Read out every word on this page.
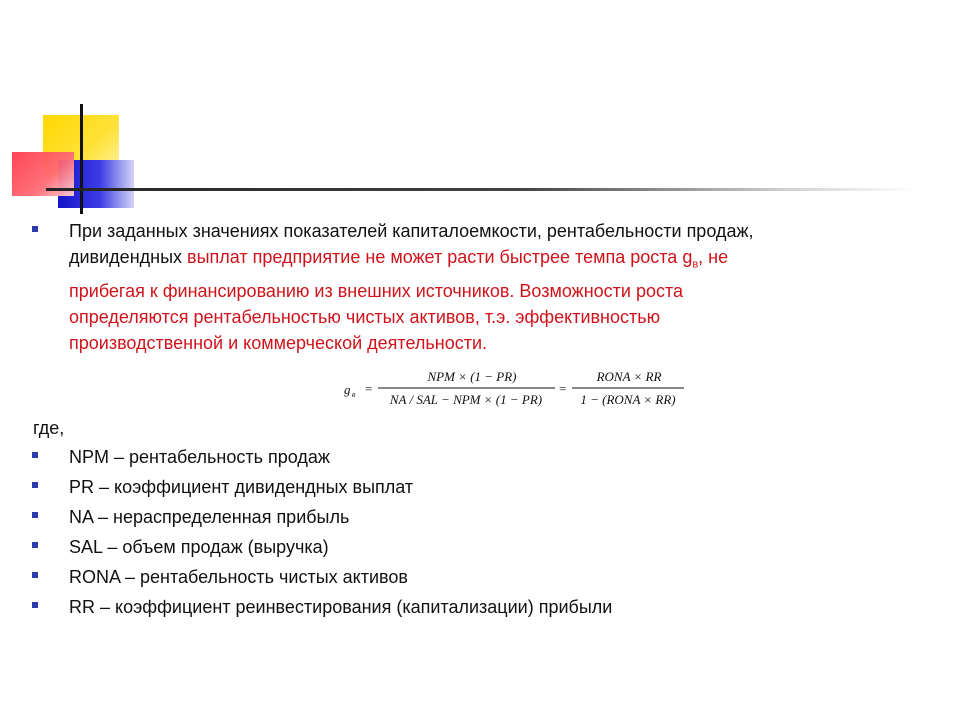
При заданных значениях показателей капиталоемкости, рентабельности продаж,
дивидендных выплат предприятие не может расти быстрее темпа роста $g_в$, не
прибегая к финансированию из внешних источников. Возможности роста
определяются рентабельностью чистых активов, т.э. эффективностью
производственной и коммерческой деятельности.
g в =
NPM × (1 − PR)
NA / SAL − NPM × (1 − PR)
=
RONA × RR
1 − (RONA × RR)
где,
NPM – рентабельность продаж
PR – коэффициент дивидендных выплат
NA – нераспределенная прибыль
SAL – объем продаж (выручка)
RONA – рентабельность чистых активов
RR – коэффициент реинвестирования (капитализации) прибыли
